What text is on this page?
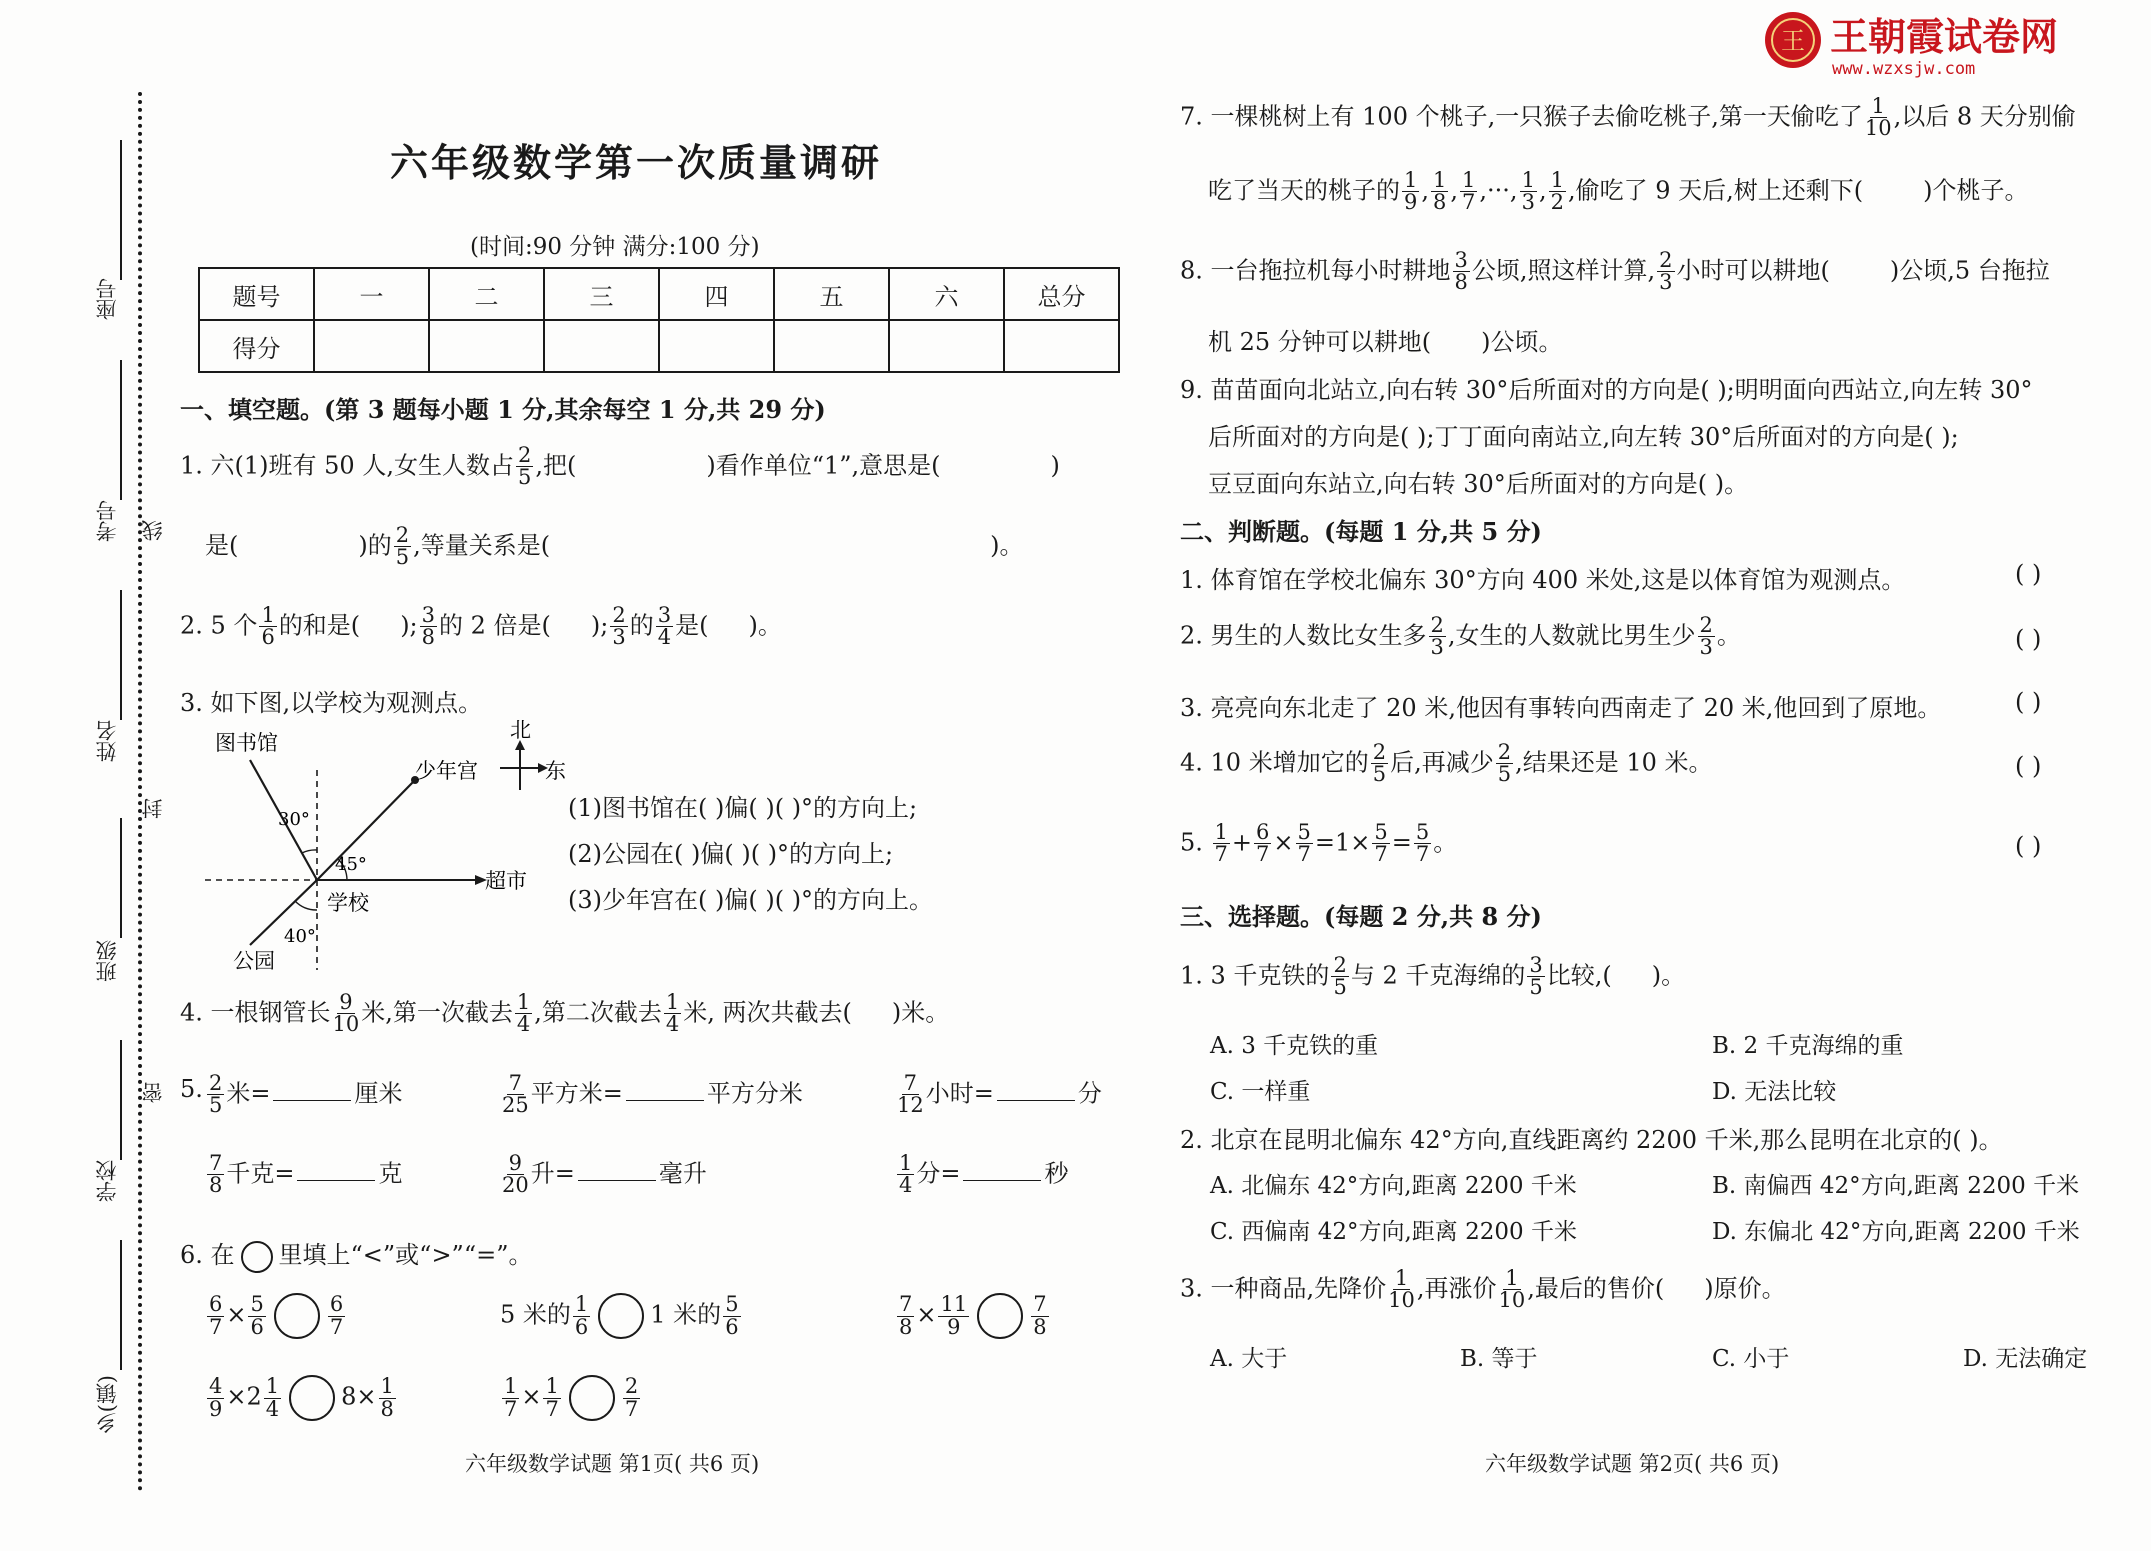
王 王朝霞试卷网
www.wzxsjw.com
座号
考号 线
姓名
封
班级
密
学校
乡(镇)
六年级数学第一次质量调研
(时间:90 分钟 满分:100 分)
题号	一	二	三	四	五	六	总分
得分							
一、填空题。(第 3 题每小题 1 分,其余每空 1 分,共 29 分)
1. 六(1)班有 50 人,女生人数占 $\frac{2}{5}$ ,把(	)看作单位“1”,意思是(	)
是(	)的 $\frac{2}{5}$ ,等量关系是(	)。
2. 5 个 $\frac{1}{6}$ 的和是( ); $\frac{3}{8}$ 的 2 倍是( ); $\frac{2}{3}$ 的 $\frac{3}{4}$ 是( )。
3. 如下图,以学校为观测点。
图书馆
少年宫
30°
45°
40°
学校
超市
公园
北
东
(1)图书馆在( )偏( )( )°的方向上;
(2)公园在( )偏( )( )°的方向上;
(3)少年宫在( )偏( )( )°的方向上。
4. 一根钢管长 $\frac{9}{10}$ 米,第一次截去 $\frac{1}{4}$ ,第二次截去 $\frac{1}{4}$ 米, 两次共截去( )米。
5. $\frac{2}{5}$ 米=	厘米	$\frac{7}{25}$ 平方米=	平方分米	$\frac{7}{12}$ 小时=	分
$\frac{7}{8}$ 千克=	克	$\frac{9}{20}$ 升=	毫升	$\frac{1}{4}$ 分=	秒
6. 在 里填上“<”或“>”“=”。
$\frac{6}{7} \times \frac{5}{6}$	$\frac{6}{7}$	5 米的 $\frac{1}{6}$	1 米的 $\frac{5}{6}$	$\frac{7}{8} \times \frac{11}{9}$	$\frac{7}{8}$
$\frac{4}{9} \times 2 \frac{1}{4}$	$8\times \frac{1}{8}$	$\frac{1}{7} \times \frac{1}{7}$	$\frac{2}{7}$
六年级数学试题 第1页( 共6 页)
7. 一棵桃树上有 100 个桃子,一只猴子去偷吃桃子,第一天偷吃了 $\frac{1}{10}$ ,以后 8 天分别偷
吃了当天的桃子的 $\frac{1}{9}$ , $\frac{1}{8}$ , $\frac{1}{7}$ ,···, $\frac{1}{3}$ , $\frac{1}{2}$ ,偷吃了 9 天后,树上还剩下(	)个桃子。
8. 一台拖拉机每小时耕地 $\frac{3}{8}$ 公顷,照这样计算, $\frac{2}{3}$ 小时可以耕地(	)公顷,5 台拖拉
机 25 分钟可以耕地( )公顷。
9. 苗苗面向北站立,向右转 30°后所面对的方向是( );明明面向西站立,向左转 30°
后所面对的方向是( );丁丁面向南站立,向左转 30°后所面对的方向是( );
豆豆面向东站立,向右转 30°后所面对的方向是( )。
二、判断题。(每题 1 分,共 5 分)
1. 体育馆在学校北偏东 30°方向 400 米处,这是以体育馆为观测点。	( )
2. 男生的人数比女生多 $\frac{2}{3}$ ,女生的人数就比男生少 $\frac{2}{3}$ 。	( )
3. 亮亮向东北走了 20 米,他因有事转向西南走了 20 米,他回到了原地。	( )
4. 10 米增加它的 $\frac{2}{5}$ 后,再减少 $\frac{2}{5}$ ,结果还是 10 米。	( )
5. $\frac{1}{7} + \frac{6}{7} \times \frac{5}{7} =1\times \frac{5}{7} = \frac{5}{7}$ 。	( )
三、选择题。(每题 2 分,共 8 分)
1. 3 千克铁的 $\frac{2}{5}$ 与 2 千克海绵的 $\frac{3}{5}$ 比较,( )。
A. 3 千克铁的重	B. 2 千克海绵的重
C. 一样重	D. 无法比较
2. 北京在昆明北偏东 42°方向,直线距离约 2200 千米,那么昆明在北京的( )。
A. 北偏东 42°方向,距离 2200 千米	B. 南偏西 42°方向,距离 2200 千米
C. 西偏南 42°方向,距离 2200 千米	D. 东偏北 42°方向,距离 2200 千米
3. 一种商品,先降价 $\frac{1}{10}$ ,再涨价 $\frac{1}{10}$ ,最后的售价( )原价。
A. 大于	B. 等于	C. 小于	D. 无法确定
六年级数学试题 第2页( 共6 页)
